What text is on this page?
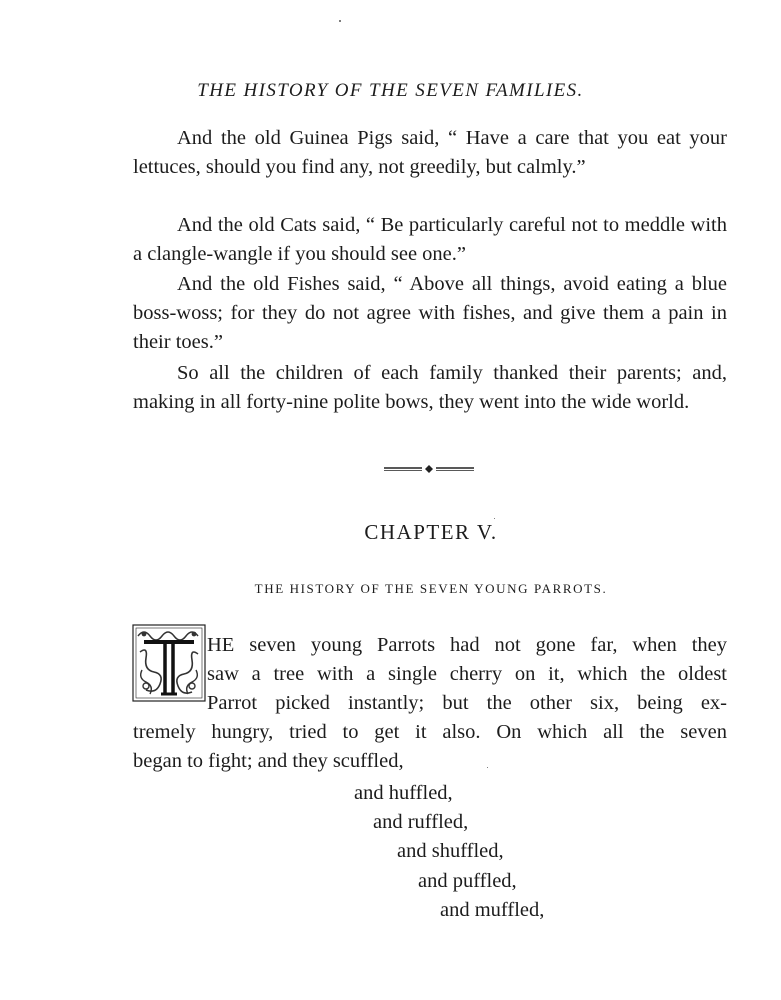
THE HISTORY OF THE SEVEN FAMILIES.

And the old Guinea Pigs said, “ Have a care that you eat your lettuces, should you find any, not greedily, but calmly.”

And the old Cats said, “ Be particularly careful not to meddle with a clangle-wangle if you should see one.”

And the old Fishes said, “ Above all things, avoid eating a blue boss-woss; for they do not agree with fishes, and give them a pain in their toes.”

So all the children of each family thanked their parents; and, making in all forty-nine polite bows, they went into the wide world.

CHAPTER V.
THE HISTORY OF THE SEVEN YOUNG PARROTS.
HE seven young Parrots had not gone far, when they
saw a tree with a single cherry on it, which the oldest
Parrot picked instantly; but the other six, being ex-
tremely hungry, tried to get it also. On which all the seven
began to fight; and they scuffled,
and huffled,
and ruffled,
and shuffled,
and puffled,
and muffled,
